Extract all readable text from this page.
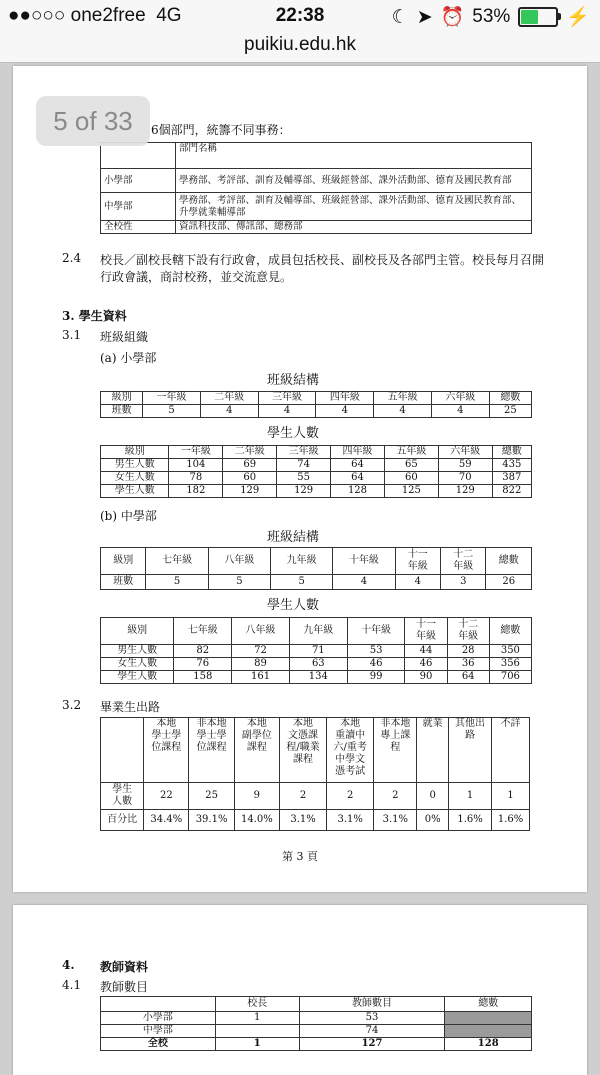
●●○○○ one2free 4G	22:38	☾ ➤ ⏰ 53%	⚡
puikiu.edu.hk
5 of 33	6個部門，統籌不同事務：
	部門名稱
小學部	學務部、考評部、訓育及輔導部、班級經營部、課外活動部、德育及國民教育部
中學部	學務部、考評部、訓育及輔導部、班級經營部、課外活動部、德育及國民教育部、升學就業輔導部
全校性	資訊科技部、傳訊部、總務部
2.4 校長／副校長轄下設有行政會，成員包括校長、副校長及各部門主管。校長每月召開
行政會議，商討校務，並交流意見。
3. 學生資料
3.1 班級組織
(a) 小學部
班級結構
級別	一年級	二年級	三年級	四年級	五年級	六年級	總數
班數	5	4	4	4	4	4	25
學生人數
級別	一年級	二年級	三年級	四年級	五年級	六年級	總數
男生人數	104	69	74	64	65	59	435
女生人數	78	60	55	64	60	70	387
學生人數	182	129	129	128	125	129	822
(b) 中學部
班級結構
級別	七年級	八年級	九年級	十年級	十一
年級	十二
年級	總數
班數	5	5	5	4	4	3	26
學生人數
級別	七年級	八年級	九年級	十年級	十一
年級	十二
年級	總數
男生人數	82	72	71	53	44	28	350
女生人數	76	89	63	46	46	36	356
學生人數	158	161	134	99	90	64	706
3.2 畢業生出路
	本地
學士學
位課程	非本地
學士學
位課程	本地
副學位
課程	本地
文憑課
程/職業
課程	本地
重讀中
六/重考
中學文
憑考試	非本地
專上課
程	就業	其他出
路	不詳
學生
人數	22	25	9	2	2	2	0	1	1
百分比	34.4%	39.1%	14.0%	3.1%	3.1%	3.1%	0%	1.6%	1.6%
第 3 頁
4. 教師資料
4.1 教師數目
	校長	教師數目	總數
小學部	1	53	
中學部		74	
全校	1	127	128
